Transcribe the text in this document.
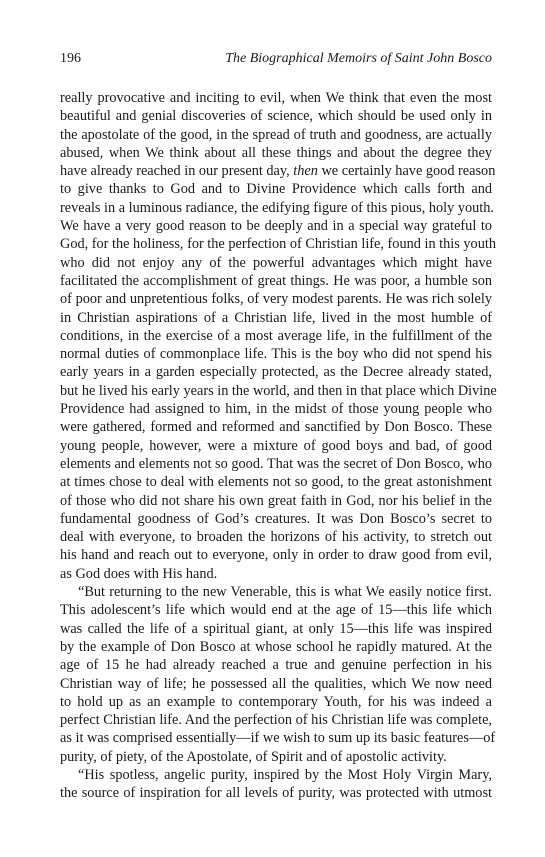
196	The Biographical Memoirs of Saint John Bosco
really provocative and inciting to evil, when We think that even the most
beautiful and genial discoveries of science, which should be used only in
the apostolate of the good, in the spread of truth and goodness, are actually
abused, when We think about all these things and about the degree they
have already reached in our present day, then we certainly have good reason
to give thanks to God and to Divine Providence which calls forth and
reveals in a luminous radiance, the edifying figure of this pious, holy youth.
We have a very good reason to be deeply and in a special way grateful to
God, for the holiness, for the perfection of Christian life, found in this youth
who did not enjoy any of the powerful advantages which might have
facilitated the accomplishment of great things. He was poor, a humble son
of poor and unpretentious folks, of very modest parents. He was rich solely
in Christian aspirations of a Christian life, lived in the most humble of
conditions, in the exercise of a most average life, in the fulfillment of the
normal duties of commonplace life. This is the boy who did not spend his
early years in a garden especially protected, as the Decree already stated,
but he lived his early years in the world, and then in that place which Divine
Providence had assigned to him, in the midst of those young people who
were gathered, formed and reformed and sanctified by Don Bosco. These
young people, however, were a mixture of good boys and bad, of good
elements and elements not so good. That was the secret of Don Bosco, who
at times chose to deal with elements not so good, to the great astonishment
of those who did not share his own great faith in God, nor his belief in the
fundamental goodness of God’s creatures. It was Don Bosco’s secret to
deal with everyone, to broaden the horizons of his activity, to stretch out
his hand and reach out to everyone, only in order to draw good from evil,
as God does with His hand.
“But returning to the new Venerable, this is what We easily notice first.
This adolescent’s life which would end at the age of 15—this life which
was called the life of a spiritual giant, at only 15—this life was inspired
by the example of Don Bosco at whose school he rapidly matured. At the
age of 15 he had already reached a true and genuine perfection in his
Christian way of life; he possessed all the qualities, which We now need
to hold up as an example to contemporary Youth, for his was indeed a
perfect Christian life. And the perfection of his Christian life was complete,
as it was comprised essentially—if we wish to sum up its basic features—of
purity, of piety, of the Apostolate, of Spirit and of apostolic activity.
“His spotless, angelic purity, inspired by the Most Holy Virgin Mary,
the source of inspiration for all levels of purity, was protected with utmost
